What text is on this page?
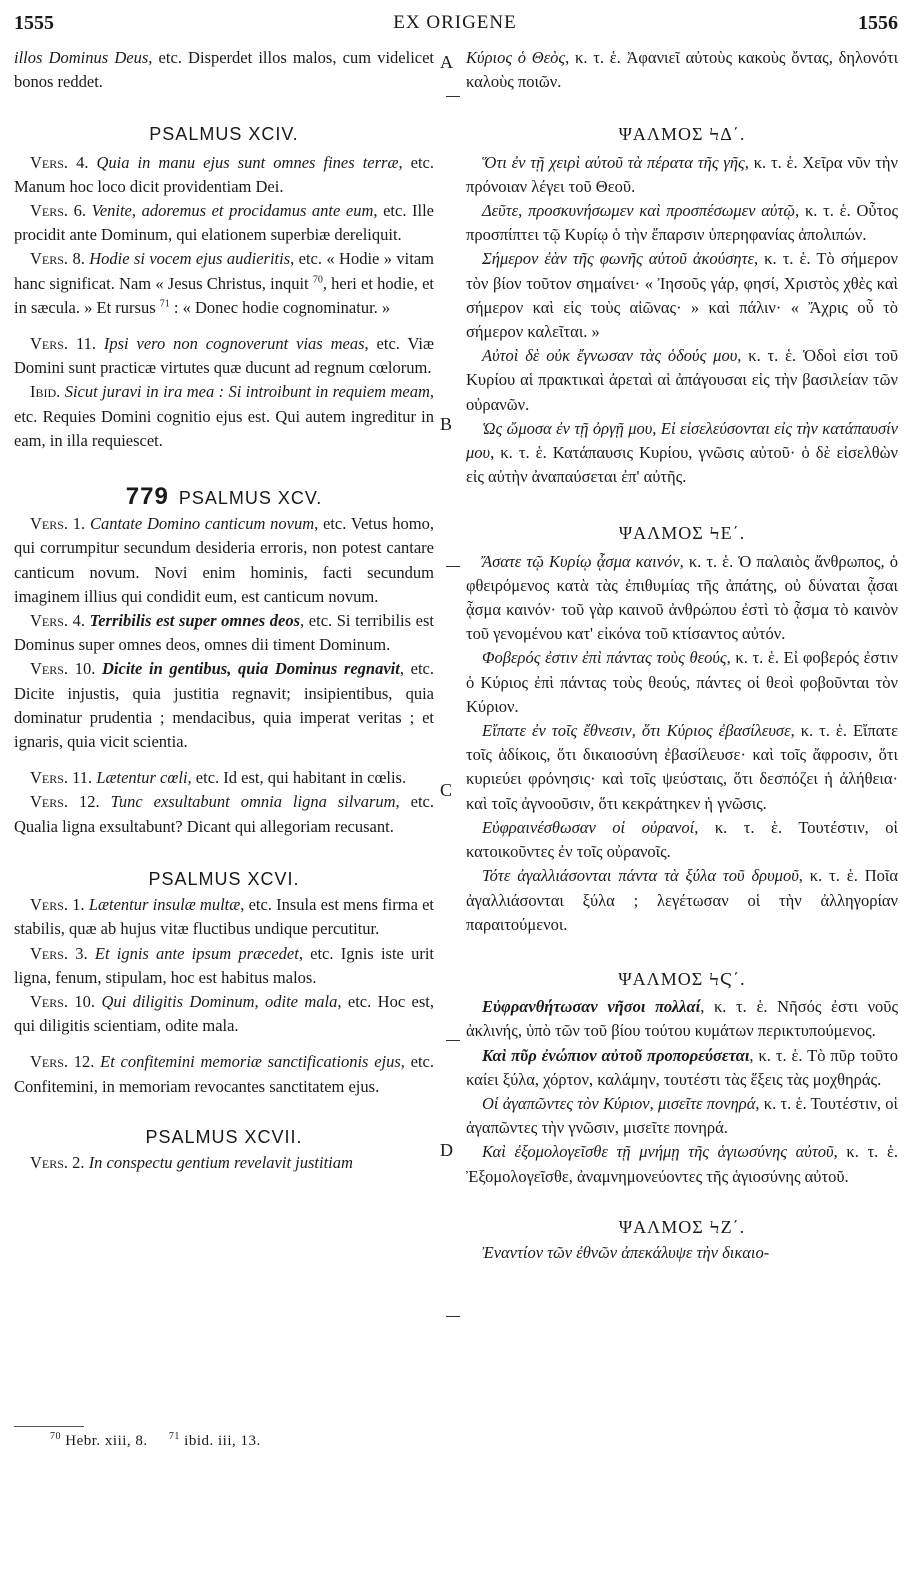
1555	EX ORIGENE	1556
A
B
C
D

illos Dominus Deus, etc. Disperdet illos malos, cum videlicet bonos reddet.

PSALMUS XCIV.

Vers. 4. Quia in manu ejus sunt omnes fines terræ, etc. Manum hoc loco dicit providentiam Dei.

Vers. 6. Venite, adoremus et procidamus ante eum, etc. Ille procidit ante Dominum, qui elationem superbiæ dereliquit.

Vers. 8. Hodie si vocem ejus audieritis, etc. « Hodie » vitam hanc significat. Nam « Jesus Christus, inquit $^{70}$, heri et hodie, et in sæcula. » Et rursus $^{71}$ : « Donec hodie cognominatur. »

Vers. 11. Ipsi vero non cognoverunt vias meas, etc. Viæ Domini sunt practicæ virtutes quæ ducunt ad regnum cœlorum.

Ibid. Sicut juravi in ira mea : Si introibunt in requiem meam, etc. Requies Domini cognitio ejus est. Qui autem ingreditur in eam, in illa requiescet.

779 PSALMUS XCV.

Vers. 1. Cantate Domino canticum novum, etc. Vetus homo, qui corrumpitur secundum desideria erroris, non potest cantare canticum novum. Novi enim hominis, facti secundum imaginem illius qui condidit eum, est canticum novum.

Vers. 4. Terribilis est super omnes deos, etc. Si terribilis est Dominus super omnes deos, omnes dii timent Dominum.

Vers. 10. Dicite in gentibus, quia Dominus regnavit, etc. Dicite injustis, quia justitia regnavit; insipientibus, quia dominatur prudentia ; mendacibus, quia imperat veritas ; et ignaris, quia vicit scientia.

Vers. 11. Lætentur cœli, etc. Id est, qui habitant in cœlis.

Vers. 12. Tunc exsultabunt omnia ligna silvarum, etc. Qualia ligna exsultabunt? Dicant qui allegoriam recusant.

PSALMUS XCVI.

Vers. 1. Lætentur insulæ multæ, etc. Insula est mens firma et stabilis, quæ ab hujus vitæ fluctibus undique percutitur.

Vers. 3. Et ignis ante ipsum præcedet, etc. Ignis iste urit ligna, fenum, stipulam, hoc est habitus malos.

Vers. 10. Qui diligitis Dominum, odite mala, etc. Hoc est, qui diligitis scientiam, odite mala.

Vers. 12. Et confitemini memoriæ sanctificationis ejus, etc. Confitemini, in memoriam revocantes sanctitatem ejus.

PSALMUS XCVII.

Vers. 2. In conspectu gentium revelavit justitiam

Κύριος ὁ Θεὸς, κ. τ. ἑ. Ἀφανιεῖ αὐτοὺς κακοὺς ὄντας, δηλονότι καλοὺς ποιῶν.

ΨΑΛΜΟΣ ϞΔ΄.

Ὅτι ἐν τῇ χειρὶ αὐτοῦ τὰ πέρατα τῆς γῆς, κ. τ. ἑ. Χεῖρα νῦν τὴν πρόνοιαν λέγει τοῦ Θεοῦ.

Δεῦτε, προσκυνήσωμεν καὶ προσπέσωμεν αὐτῷ, κ. τ. ἑ. Οὗτος προσπίπτει τῷ Κυρίῳ ὁ τὴν ἔπαρσιν ὑπερηφανίας ἀπολιπών.

Σήμερον ἐὰν τῆς φωνῆς αὐτοῦ ἀκούσητε, κ. τ. ἑ. Τὸ σήμερον τὸν βίον τοῦτον σημαίνει· « Ἰησοῦς γάρ, φησί, Χριστὸς χθὲς καὶ σήμερον καὶ εἰς τοὺς αἰῶνας· » καὶ πάλιν· « Ἄχρις οὗ τὸ σήμερον καλεῖται. »

Αὐτοὶ δὲ οὐκ ἔγνωσαν τὰς ὁδούς μου, κ. τ. ἑ. Ὁδοὶ εἰσι τοῦ Κυρίου αἱ πρακτικαὶ ἀρεταὶ αἱ ἀπάγουσαι εἰς τὴν βασιλείαν τῶν οὐρανῶν.

Ὡς ὤμοσα ἐν τῇ ὀργῇ μου, Εἰ εἰσελεύσονται εἰς τὴν κατάπαυσίν μου, κ. τ. ἑ. Κατάπαυσις Κυρίου, γνῶσις αὐτοῦ· ὁ δὲ εἰσελθὼν εἰς αὐτὴν ἀναπαύσεται ἐπ' αὐτῆς.

ΨΑΛΜΟΣ ϞΕ΄.

Ἄσατε τῷ Κυρίῳ ᾆσμα καινόν, κ. τ. ἑ. Ὁ παλαιὸς ἄνθρωπος, ὁ φθειρόμενος κατὰ τὰς ἐπιθυμίας τῆς ἀπάτης, οὐ δύναται ᾆσαι ᾆσμα καινόν· τοῦ γὰρ καινοῦ ἀνθρώπου ἐστὶ τὸ ᾆσμα τὸ καινὸν τοῦ γενομένου κατ' εἰκόνα τοῦ κτίσαντος αὐτόν.

Φοβερός ἐστιν ἐπὶ πάντας τοὺς θεούς, κ. τ. ἑ. Εἰ φοβερός ἐστιν ὁ Κύριος ἐπὶ πάντας τοὺς θεούς, πάντες οἱ θεοὶ φοβοῦνται τὸν Κύριον.

Εἴπατε ἐν τοῖς ἔθνεσιν, ὅτι Κύριος ἐβασίλευσε, κ. τ. ἑ. Εἴπατε τοῖς ἀδίκοις, ὅτι δικαιοσύνη ἐβασίλευσε· καὶ τοῖς ἄφροσιν, ὅτι κυριεύει φρόνησις· καὶ τοῖς ψεύσταις, ὅτι δεσπόζει ἡ ἀλήθεια· καὶ τοῖς ἀγνοοῦσιν, ὅτι κεκράτηκεν ἡ γνῶσις.

Εὐφραινέσθωσαν οἱ οὐρανοί, κ. τ. ἑ. Τουτέστιν, οἱ κατοικοῦντες ἐν τοῖς οὐρανοῖς.

Τότε ἀγαλλιάσονται πάντα τὰ ξύλα τοῦ δρυμοῦ, κ. τ. ἑ. Ποῖα ἀγαλλιάσονται ξύλα ; λεγέτωσαν οἱ τὴν ἀλληγορίαν παραιτούμενοι.

ΨΑΛΜΟΣ ϞϚ΄.

Εὐφρανθήτωσαν νῆσοι πολλαί, κ. τ. ἑ. Νῆσός ἐστι νοῦς ἀκλινής, ὑπὸ τῶν τοῦ βίου τούτου κυμάτων περικτυπούμενος.

Καὶ πῦρ ἐνώπιον αὐτοῦ προπορεύσεται, κ. τ. ἑ. Τὸ πῦρ τοῦτο καίει ξύλα, χόρτον, καλάμην, τουτέστι τὰς ἕξεις τὰς μοχθηράς.

Οἱ ἀγαπῶντες τὸν Κύριον, μισεῖτε πονηρά, κ. τ. ἑ. Τουτέστιν, οἱ ἀγαπῶντες τὴν γνῶσιν, μισεῖτε πονηρά.

Καὶ ἐξομολογεῖσθε τῇ μνήμῃ τῆς ἁγιωσύνης αὐτοῦ, κ. τ. ἑ. Ἐξομολογεῖσθε, ἀναμνημονεύοντες τῆς ἁγιοσύνης αὐτοῦ.

ΨΑΛΜΟΣ ϞΖ΄.

Ἐναντίον τῶν ἐθνῶν ἀπεκάλυψε τὴν δικαιο-

$^{70}$ Hebr. xiii, 8. $^{71}$ ibid. iii, 13.
